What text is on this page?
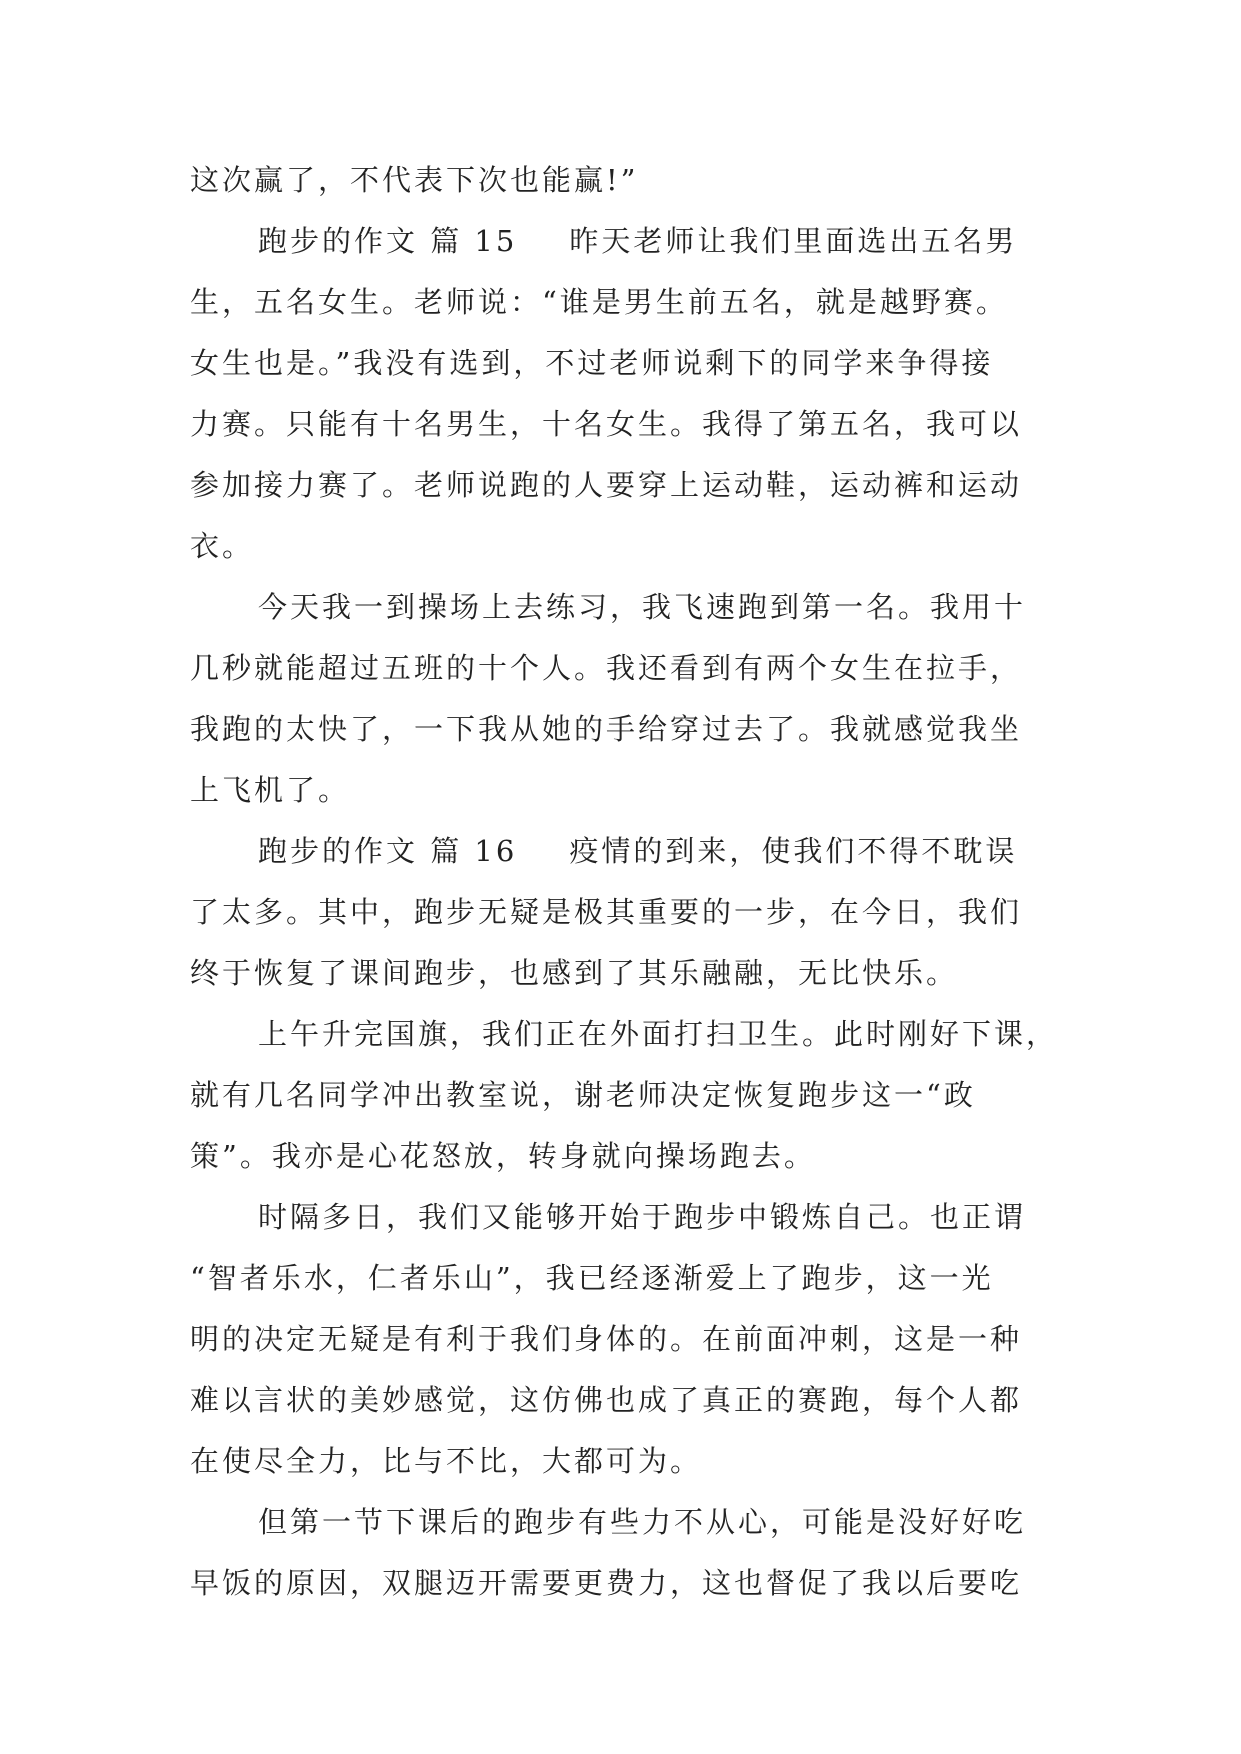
这次赢了，不代表下次也能赢!”
跑步的作文 篇 15 昨天老师让我们里面选出五名男
生，五名女生。老师说：“谁是男生前五名，就是越野赛。
女生也是。”我没有选到，不过老师说剩下的同学来争得接
力赛。只能有十名男生，十名女生。我得了第五名，我可以
参加接力赛了。老师说跑的人要穿上运动鞋，运动裤和运动
衣。
今天我一到操场上去练习，我飞速跑到第一名。我用十
几秒就能超过五班的十个人。我还看到有两个女生在拉手，
我跑的太快了，一下我从她的手给穿过去了。我就感觉我坐
上飞机了。
跑步的作文 篇 16 疫情的到来，使我们不得不耽误
了太多。其中，跑步无疑是极其重要的一步，在今日，我们
终于恢复了课间跑步，也感到了其乐融融，无比快乐。
上午升完国旗，我们正在外面打扫卫生。此时刚好下课，
就有几名同学冲出教室说，谢老师决定恢复跑步这一“政
策”。我亦是心花怒放，转身就向操场跑去。
时隔多日，我们又能够开始于跑步中锻炼自己。也正谓
“智者乐水，仁者乐山”，我已经逐渐爱上了跑步，这一光
明的决定无疑是有利于我们身体的。在前面冲刺，这是一种
难以言状的美妙感觉，这仿佛也成了真正的赛跑，每个人都
在使尽全力，比与不比，大都可为。
但第一节下课后的跑步有些力不从心，可能是没好好吃
早饭的原因，双腿迈开需要更费力，这也督促了我以后要吃
